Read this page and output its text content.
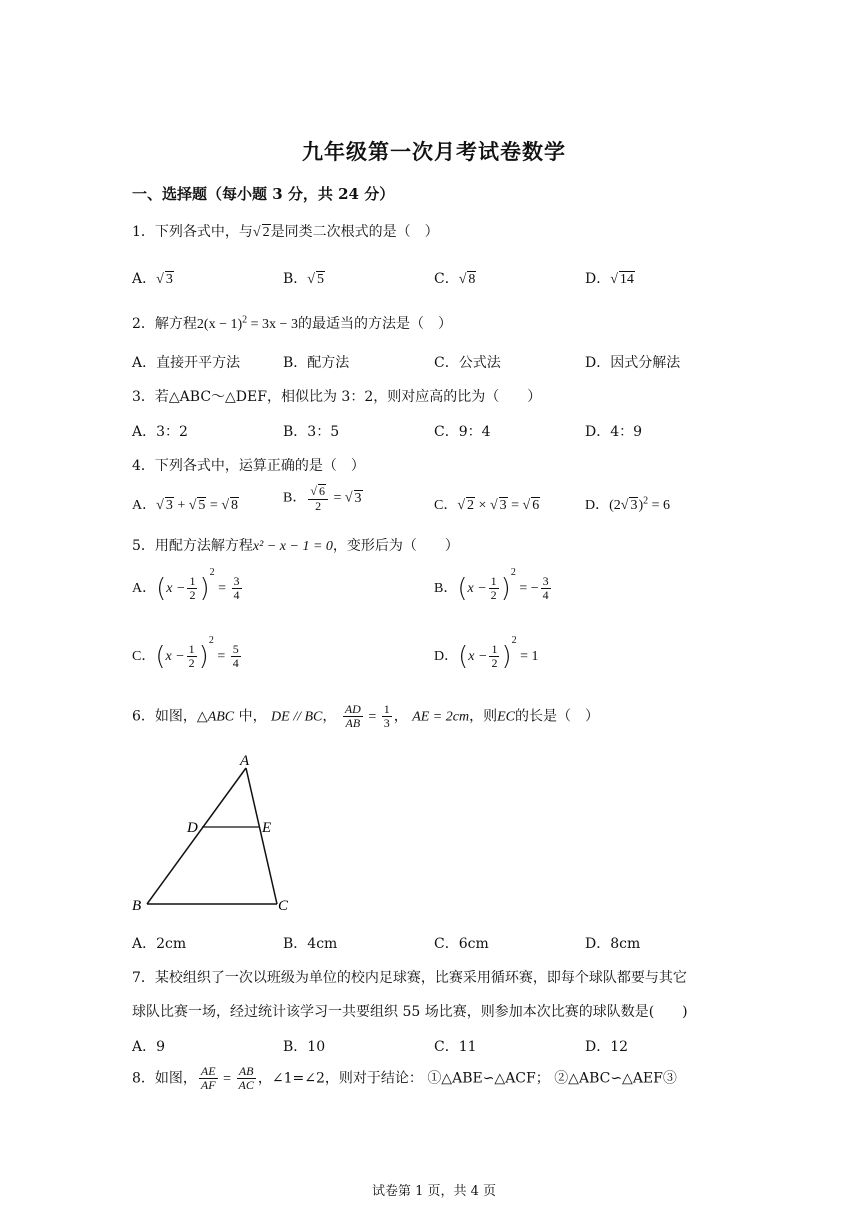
九年级第一次月考试卷数学
一、选择题（每小题 3 分，共 24 分）
1．下列各式中，与√ 2是同类二次根式的是（　）
A．√ 3	B．√ 5	C．√ 8	D．√ 14
2．解方程$2(x - 1)^2 = 3x - 3$的最适当的方法是（　）
A．直接开平方法	B．配方法	C．公式法	D．因式分解法
3．若△ABC～△DEF，相似比为 3：2，则对应高的比为（　　）
A．3：2	B．3：5	C．9：4	D．4：9
4．下列各式中，运算正确的是（　）
A．√ 3 + √ 5 = √ 8	B． $\frac{√ 6}{2}$ = √ 3	C．√ 2 × √ 3 = √ 6	D．(2√ 3)$^2$ = 6
5．用配方法解方程x² − x − 1 = 0，变形后为（　　）
A．$(x - \frac{1}{2} )^2 = \frac{3}{4}$	B．$(x - \frac{1}{2} )^2$ = − $\frac{3}{4}$
C．$(x - \frac{1}{2} )^2 = \frac{5}{4}$	D．$(x - \frac{1}{2} )^2 = 1$
6．如图，△ABC 中， DE // BC， $\frac{AD}{AB} = \frac{1}{3}$ ， AE = 2cm，则EC的长是（　）
A
D	E
B	C
A．2cm	B．4cm	C．6cm	D．8cm
7．某校组织了一次以班级为单位的校内足球赛，比赛采用循环赛，即每个球队都要与其它
球队比赛一场，经过统计该学习一共要组织 55 场比赛，则参加本次比赛的球队数是(　　)
A．9	B．10	C．11	D．12
8．如图， $\frac{AE}{AF} = \frac{AB}{AC}$ ，∠1=∠2，则对于结论： ①△ABE∽△ACF； ②△ABC∽△AEF③
试卷第 1 页，共 4 页
